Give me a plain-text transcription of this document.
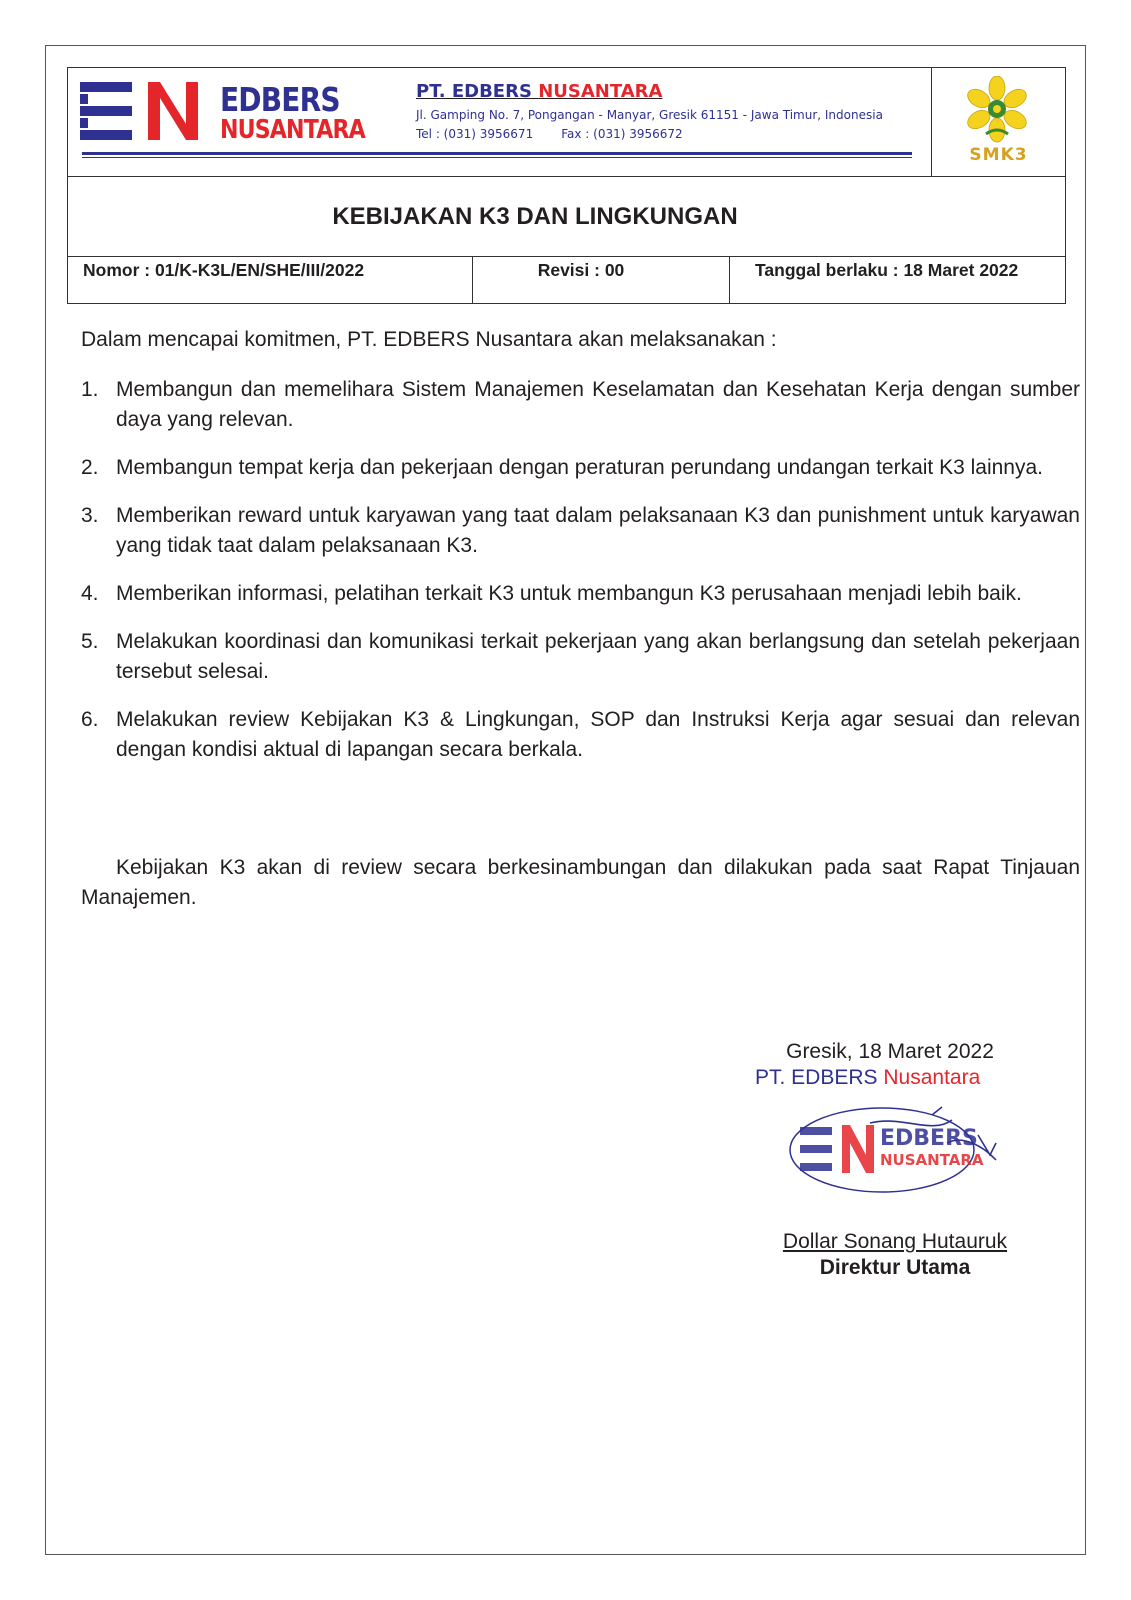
EDBERS
NUSANTARA
PT. EDBERS NUSANTARA
Jl. Gamping No. 7, Pongangan - Manyar, Gresik 61151 - Jawa Timur, Indonesia
Tel : (031) 3956671 Fax : (031) 3956672
SMK3
KEBIJAKAN K3 DAN LINGKUNGAN
Nomor : 01/K-K3L/EN/SHE/III/2022	Revisi : 00	Tanggal berlaku : 18 Maret 2022
Dalam mencapai komitmen, PT. EDBERS Nusantara akan melaksanakan :
1. Membangun dan memelihara Sistem Manajemen Keselamatan dan Kesehatan Kerja dengan sumber daya yang relevan.
2. Membangun tempat kerja dan pekerjaan dengan peraturan perundang undangan terkait K3 lainnya.
3. Memberikan reward untuk karyawan yang taat dalam pelaksanaan K3 dan punishment untuk karyawan yang tidak taat dalam pelaksanaan K3.
4. Memberikan informasi, pelatihan terkait K3 untuk membangun K3 perusahaan menjadi lebih baik.
5. Melakukan koordinasi dan komunikasi terkait pekerjaan yang akan berlangsung dan setelah pekerjaan tersebut selesai.
6. Melakukan review Kebijakan K3 & Lingkungan, SOP dan Instruksi Kerja agar sesuai dan relevan dengan kondisi aktual di lapangan secara berkala.
Kebijakan K3 akan di review secara berkesinambungan dan dilakukan pada saat Rapat Tinjauan Manajemen.
Gresik, 18 Maret 2022
PT. EDBERS Nusantara
EDBERS
NUSANTARA
Dollar Sonang Hutauruk
Direktur Utama
